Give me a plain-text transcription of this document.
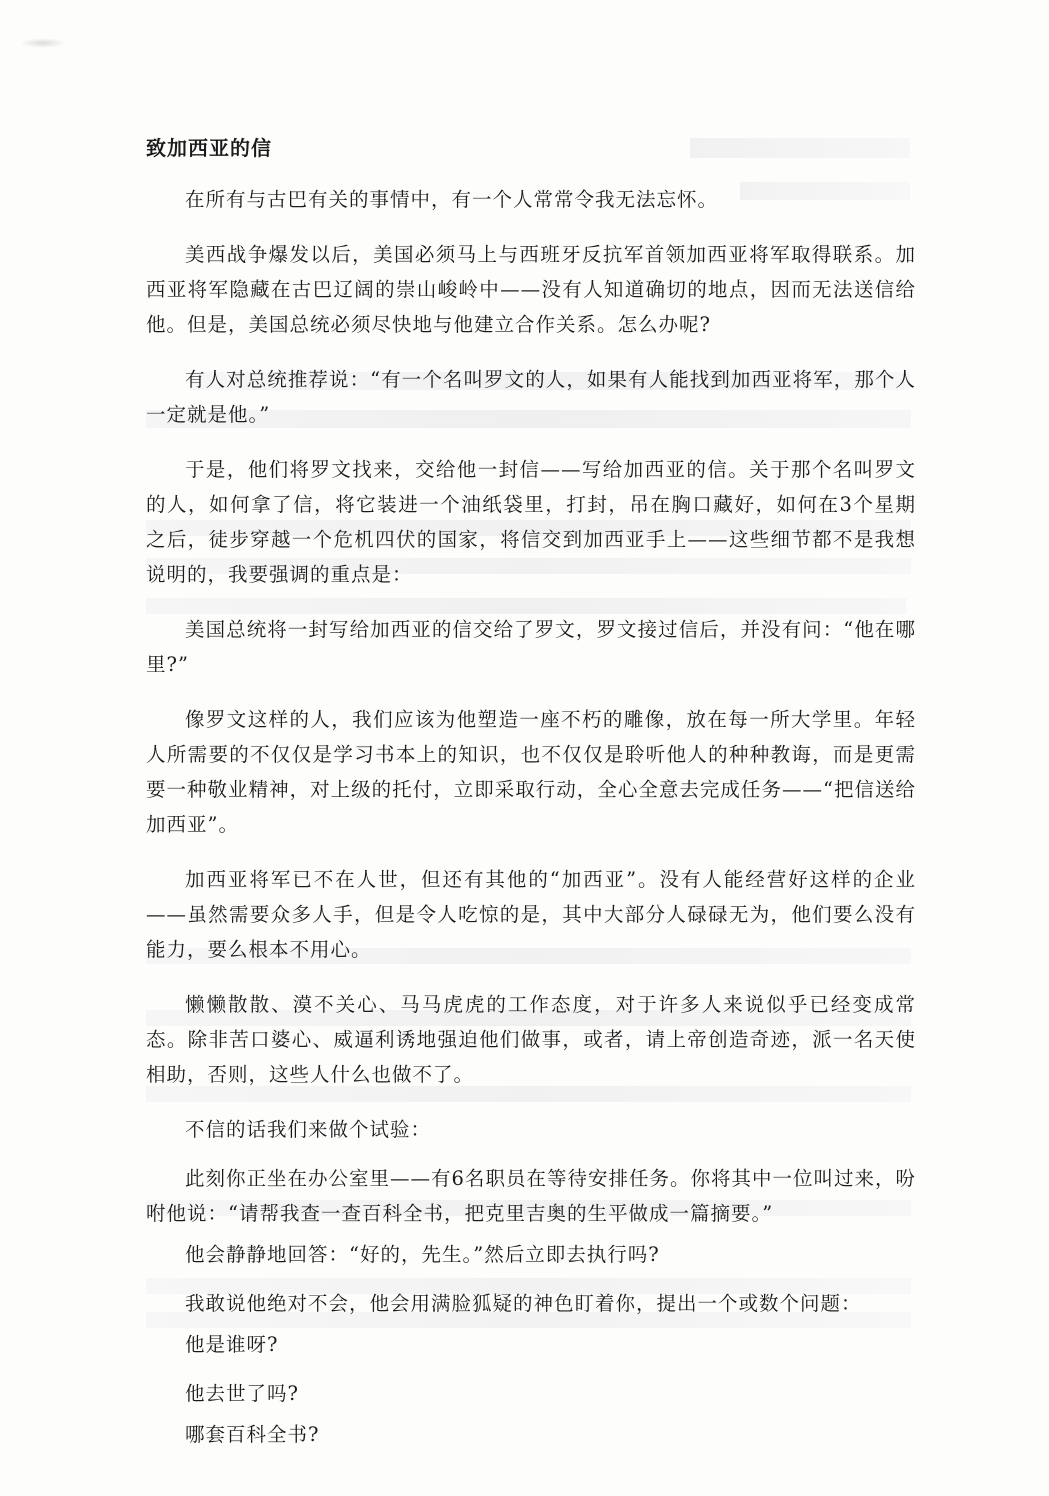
致加西亚的信

在所有与古巴有关的事情中，有一个人常常令我无法忘怀。

美西战争爆发以后，美国必须马上与西班牙反抗军首领加西亚将军取得联系。加西亚将军隐藏在古巴辽阔的崇山峻岭中——没有人知道确切的地点，因而无法送信给他。但是，美国总统必须尽快地与他建立合作关系。怎么办呢?

有人对总统推荐说：“有一个名叫罗文的人，如果有人能找到加西亚将军，那个人一定就是他。”

于是，他们将罗文找来，交给他一封信——写给加西亚的信。关于那个名叫罗文的人，如何拿了信，将它装进一个油纸袋里，打封，吊在胸口藏好，如何在3个星期之后，徒步穿越一个危机四伏的国家，将信交到加西亚手上——这些细节都不是我想说明的，我要强调的重点是：

美国总统将一封写给加西亚的信交给了罗文，罗文接过信后，并没有问：“他在哪里?”

像罗文这样的人，我们应该为他塑造一座不朽的雕像，放在每一所大学里。年轻人所需要的不仅仅是学习书本上的知识，也不仅仅是聆听他人的种种教诲，而是更需要一种敬业精神，对上级的托付，立即采取行动，全心全意去完成任务——“把信送给加西亚”。

加西亚将军已不在人世，但还有其他的“加西亚”。没有人能经营好这样的企业——虽然需要众多人手，但是令人吃惊的是，其中大部分人碌碌无为，他们要么没有能力，要么根本不用心。

懒懒散散、漠不关心、马马虎虎的工作态度，对于许多人来说似乎已经变成常态。除非苦口婆心、威逼利诱地强迫他们做事，或者，请上帝创造奇迹，派一名天使相助，否则，这些人什么也做不了。

不信的话我们来做个试验：

此刻你正坐在办公室里——有6名职员在等待安排任务。你将其中一位叫过来，吩咐他说：“请帮我查一查百科全书，把克里吉奥的生平做成一篇摘要。”

他会静静地回答：“好的，先生。”然后立即去执行吗?

我敢说他绝对不会，他会用满脸狐疑的神色盯着你，提出一个或数个问题：

他是谁呀?

他去世了吗?

哪套百科全书?
